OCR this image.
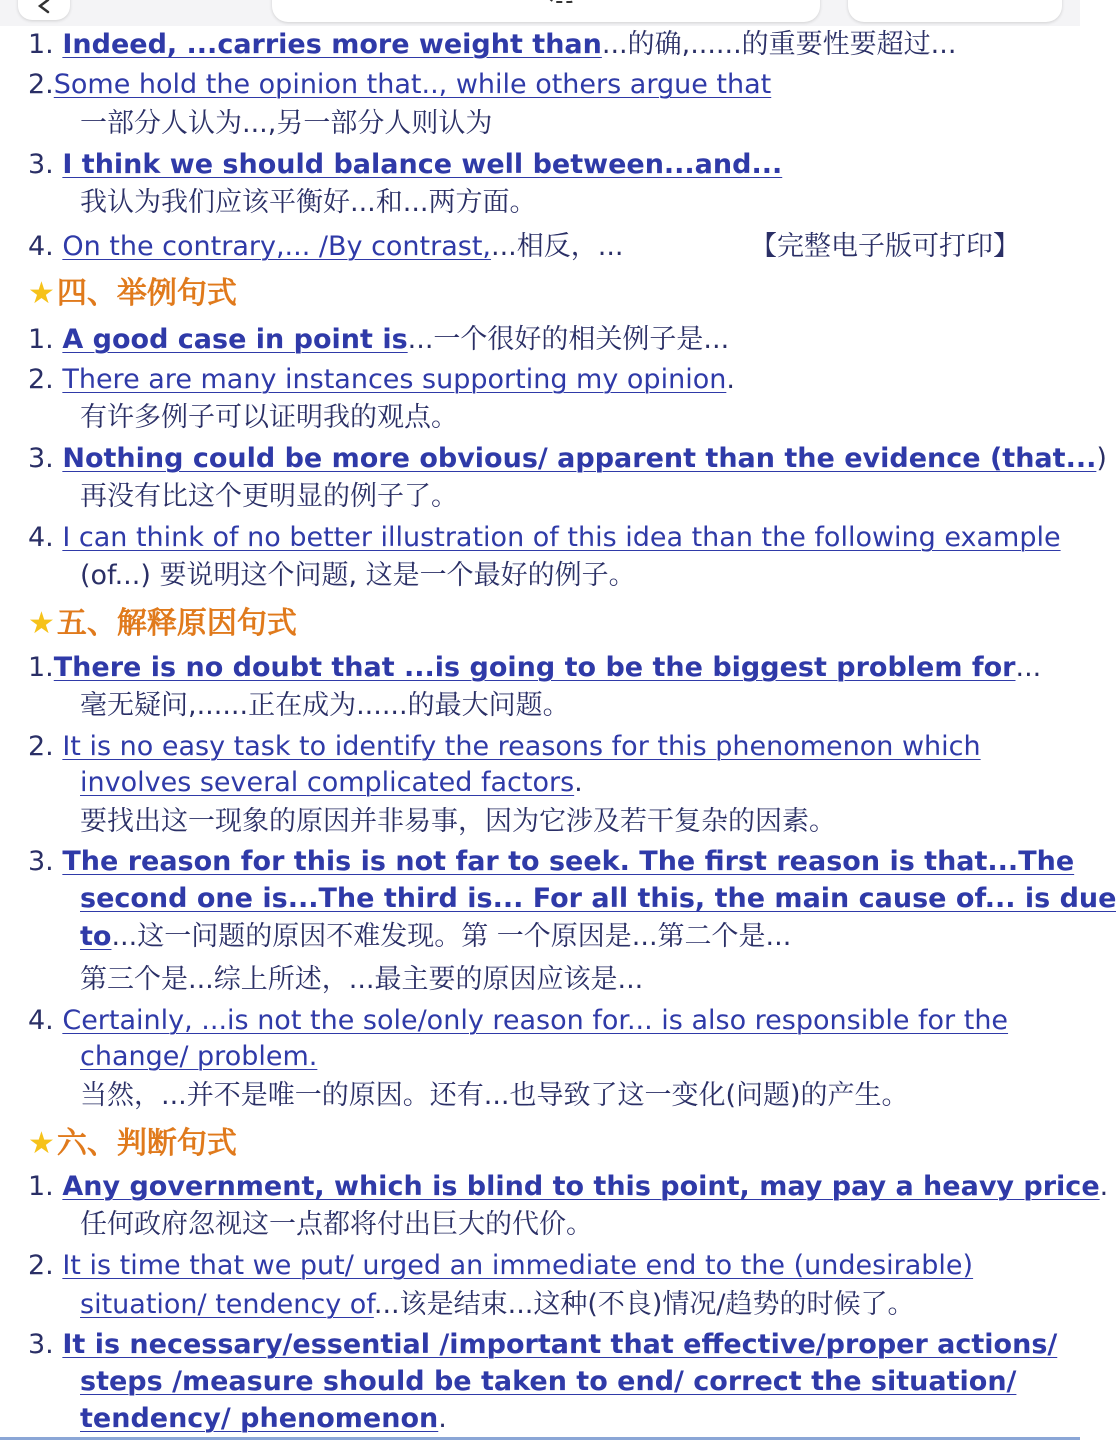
1. Indeed, ...carries more weight than...的确,......的重要性要超过...
2.Some hold the opinion that.., while others argue that
一部分人认为...,另一部分人则认为
3. I think we should balance well between...and...
我认为我们应该平衡好...和...两方面。
4. On the contrary,... /By contrast,...相反，...	【完整电子版可打印】
★四、举例句式
1. A good case in point is...一个很好的相关例子是...
2. There are many instances supporting my opinion.
有许多例子可以证明我的观点。
3. Nothing could be more obvious/ apparent than the evidence (that...)
再没有比这个更明显的例子了。
4. I can think of no better illustration of this idea than the following example
(of...) 要说明这个问题, 这是一个最好的例子。
★五、解释原因句式
1.There is no doubt that ...is going to be the biggest problem for...
毫无疑问,......正在成为......的最大问题。
2. It is no easy task to identify the reasons for this phenomenon which
involves several complicated factors.
要找出这一现象的原因并非易事，因为它涉及若干复杂的因素。
3. The reason for this is not far to seek. The first reason is that...The
second one is...The third is... For all this, the main cause of... is due
to...这一问题的原因不难发现。第 一个原因是...第二个是...
第三个是...综上所述，...最主要的原因应该是...
4. Certainly, ...is not the sole/only reason for... is also responsible for the
change/ problem.
当然，...并不是唯一的原因。还有...也导致了这一变化(问题)的产生。
★六、判断句式
1. Any government, which is blind to this point, may pay a heavy price.
任何政府忽视这一点都将付出巨大的代价。
2. It is time that we put/ urged an immediate end to the (undesirable)
situation/ tendency of...该是结束...这种(不良)情况/趋势的时候了。
3. It is necessary/essential /important that effective/proper actions/
steps /measure should be taken to end/ correct the situation/
tendency/ phenomenon.
